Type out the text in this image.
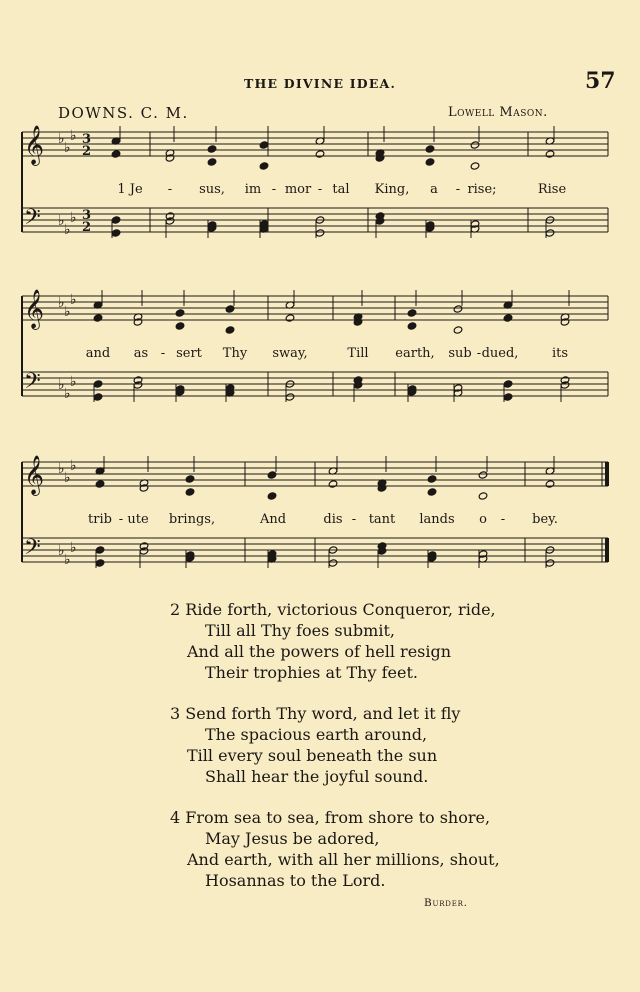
THE DIVINE IDEA.	57
DOWNS. C. M.	Lowell Mason.
𝄞
𝄢
♭
♭
♭
♭
♭
♭
3
2
3
2
1 Je - sus, im - mor - tal King, a - rise;	Rise
𝄞
𝄢
♭
♭
♭
♭
♭
♭
and as - sert Thy sway,	Till earth, sub - dued,	its
𝄞
𝄢
♭
♭
♭
♭
♭
♭
trib - ute brings,	And	dis - tant lands o - bey.
2 Ride forth, victorious Conqueror, ride,
Till all Thy foes submit,
And all the powers of hell resign
Their trophies at Thy feet.
3 Send forth Thy word, and let it fly
The spacious earth around,
Till every soul beneath the sun
Shall hear the joyful sound.
4 From sea to sea, from shore to shore,
May Jesus be adored,
And earth, with all her millions, shout,
Hosannas to the Lord.
Burder.
